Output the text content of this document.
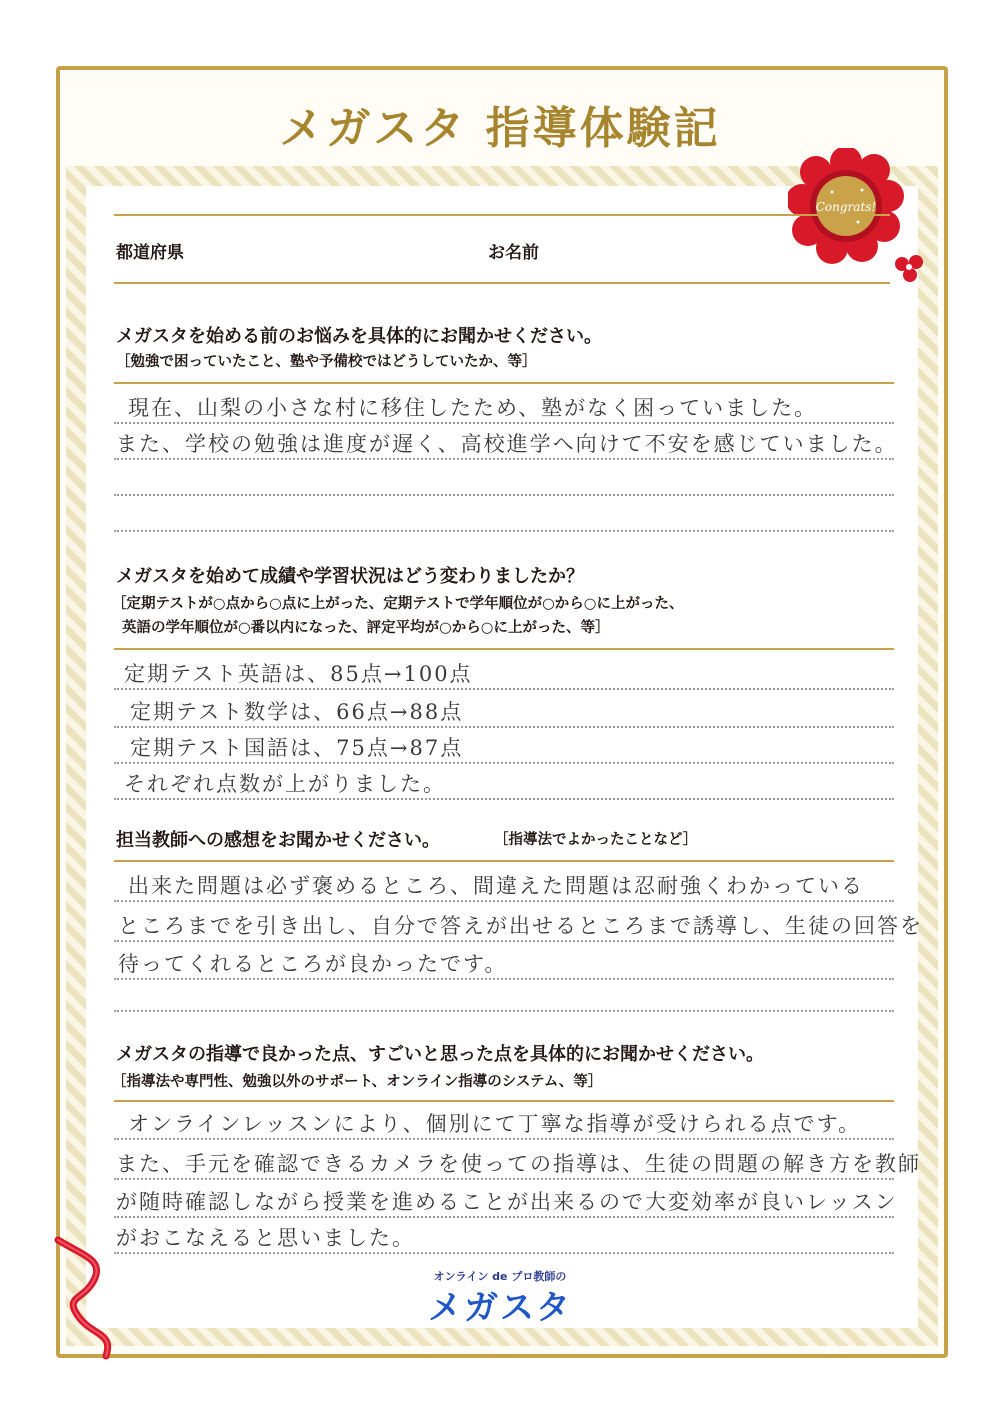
メガスタ 指導体験記
Congrats!
都道府県	お名前
メガスタを始める前のお悩みを具体的にお聞かせください。
［勉強で困っていたこと、塾や予備校ではどうしていたか、等］
現在、山梨の小さな村に移住したため、塾がなく困っていました。
また、学校の勉強は進度が遅く、高校進学へ向けて不安を感じていました。
メガスタを始めて成績や学習状況はどう変わりましたか？
［定期テストが○点から○点に上がった、定期テストで学年順位が○から○に上がった、
英語の学年順位が○番以内になった、評定平均が○から○に上がった、等］
定期テスト英語は、85点→100点
定期テスト数学は、66点→88点
定期テスト国語は、75点→87点
それぞれ点数が上がりました。
担当教師への感想をお聞かせください。	［指導法でよかったことなど］
出来た問題は必ず褒めるところ、間違えた問題は忍耐強くわかっている
ところまでを引き出し、自分で答えが出せるところまで誘導し、生徒の回答を
待ってくれるところが良かったです。
メガスタの指導で良かった点、すごいと思った点を具体的にお聞かせください。
［指導法や専門性、勉強以外のサポート、オンライン指導のシステム、等］
オンラインレッスンにより、個別にて丁寧な指導が受けられる点です。
また、手元を確認できるカメラを使っての指導は、生徒の問題の解き方を教師
が随時確認しながら授業を進めることが出来るので大変効率が良いレッスン
がおこなえると思いました。
オンライン de プロ教師の
メガスタ
